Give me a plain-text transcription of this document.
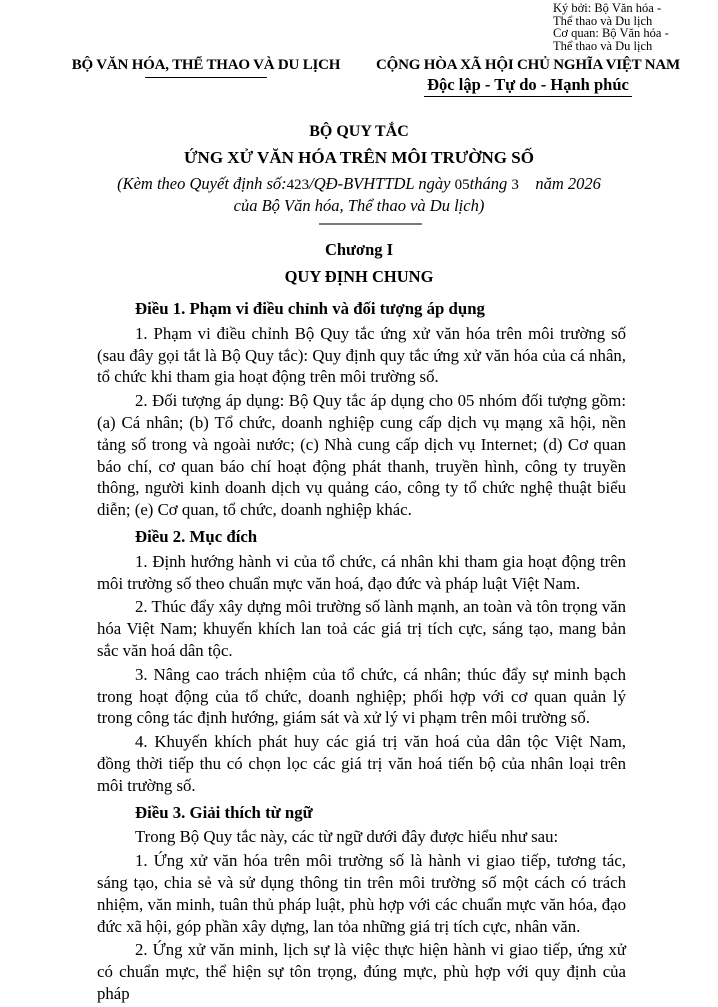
Ký bởi: Bộ Văn hóa -
Thể thao và Du lịch
Cơ quan: Bộ Văn hóa -
Thể thao và Du lịch
BỘ VĂN HÓA, THỂ THAO VÀ DU LỊCH	CỘNG HÒA XÃ HỘI CHỦ NGHĨA VIỆT NAM
Độc lập - Tự do - Hạnh phúc
BỘ QUY TẮC
ỨNG XỬ VĂN HÓA TRÊN MÔI TRƯỜNG SỐ
(Kèm theo Quyết định số:423/QĐ-BVHTTDL ngày 05tháng 3    năm 2026
của Bộ Văn hóa, Thể thao và Du lịch)
Chương I
QUY ĐỊNH CHUNG
Điều 1. Phạm vi điều chỉnh và đối tượng áp dụng

1. Phạm vi điều chỉnh Bộ Quy tắc ứng xử văn hóa trên môi trường số (sau đây gọi tắt là Bộ Quy tắc): Quy định quy tắc ứng xử văn hóa của cá nhân, tổ chức khi tham gia hoạt động trên môi trường số.

2. Đối tượng áp dụng: Bộ Quy tắc áp dụng cho 05 nhóm đối tượng gồm: (a) Cá nhân; (b) Tổ chức, doanh nghiệp cung cấp dịch vụ mạng xã hội, nền tảng số trong và ngoài nước; (c) Nhà cung cấp dịch vụ Internet; (d) Cơ quan báo chí, cơ quan báo chí hoạt động phát thanh, truyền hình, công ty truyền thông, người kinh doanh dịch vụ quảng cáo, công ty tổ chức nghệ thuật biểu diễn; (e) Cơ quan, tổ chức, doanh nghiệp khác.

Điều 2. Mục đích

1. Định hướng hành vi của tổ chức, cá nhân khi tham gia hoạt động trên môi trường số theo chuẩn mực văn hoá, đạo đức và pháp luật Việt Nam.

2. Thúc đẩy xây dựng môi trường số lành mạnh, an toàn và tôn trọng văn hóa Việt Nam; khuyến khích lan toả các giá trị tích cực, sáng tạo, mang bản sắc văn hoá dân tộc.

3. Nâng cao trách nhiệm của tổ chức, cá nhân; thúc đẩy sự minh bạch trong hoạt động của tổ chức, doanh nghiệp; phối hợp với cơ quan quản lý trong công tác định hướng, giám sát và xử lý vi phạm trên môi trường số.

4. Khuyến khích phát huy các giá trị văn hoá của dân tộc Việt Nam, đồng thời tiếp thu có chọn lọc các giá trị văn hoá tiến bộ của nhân loại trên môi trường số.

Điều 3. Giải thích từ ngữ

Trong Bộ Quy tắc này, các từ ngữ dưới đây được hiểu như sau:

1. Ứng xử văn hóa trên môi trường số là hành vi giao tiếp, tương tác, sáng tạo, chia sẻ và sử dụng thông tin trên môi trường số một cách có trách nhiệm, văn minh, tuân thủ pháp luật, phù hợp với các chuẩn mực văn hóa, đạo đức xã hội, góp phần xây dựng, lan tỏa những giá trị tích cực, nhân văn.

2. Ứng xử văn minh, lịch sự là việc thực hiện hành vi giao tiếp, ứng xử có chuẩn mực, thể hiện sự tôn trọng, đúng mực, phù hợp với quy định của pháp
